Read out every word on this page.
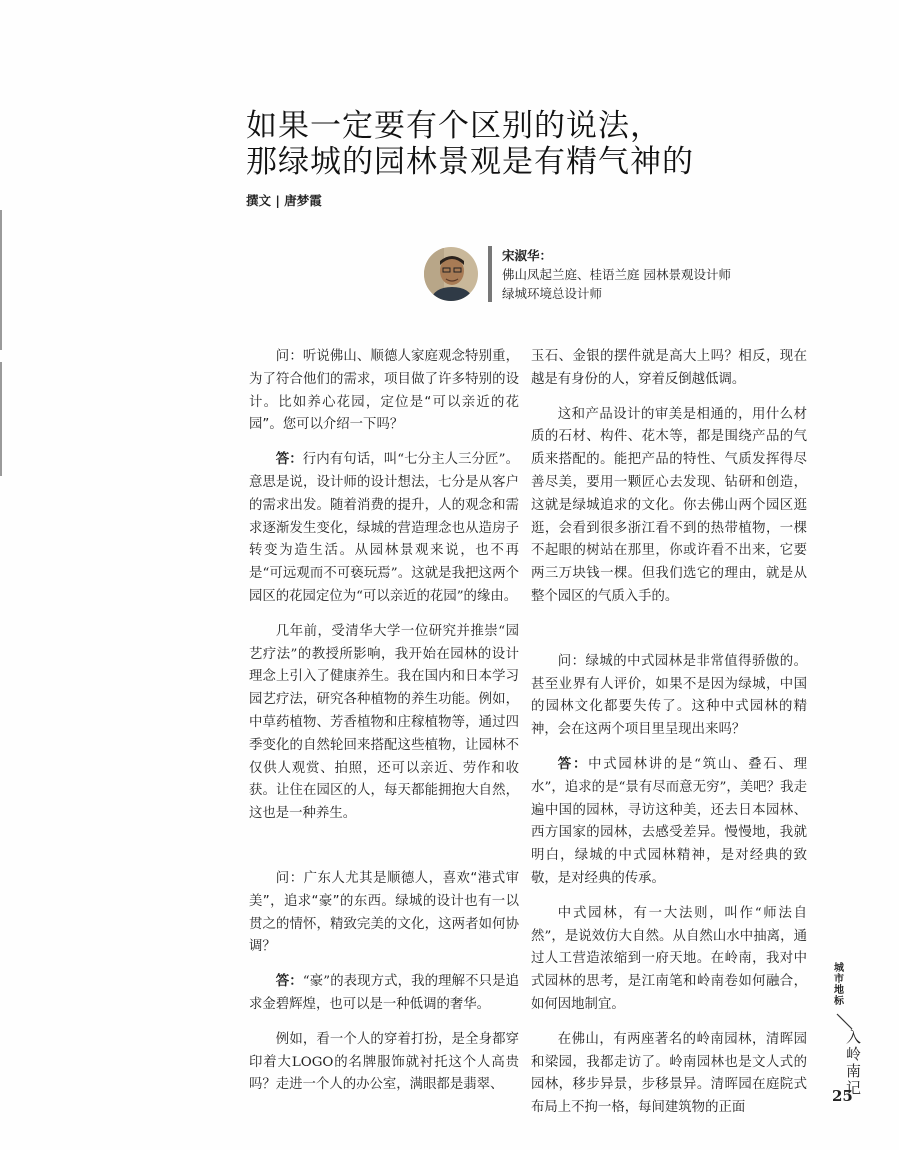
如果一定要有个区别的说法，
那绿城的园林景观是有精气神的
撰文 | 唐梦霞
宋淑华：
佛山凤起兰庭、桂语兰庭 园林景观设计师
绿城环境总设计师

问：听说佛山、顺德人家庭观念特别重，为了符合他们的需求，项目做了许多特别的设计。比如养心花园，定位是“可以亲近的花园”。您可以介绍一下吗？

答：行内有句话，叫“七分主人三分匠”。意思是说，设计师的设计想法，七分是从客户的需求出发。随着消费的提升，人的观念和需求逐渐发生变化，绿城的营造理念也从造房子转变为造生活。从园林景观来说，也不再是“可远观而不可亵玩焉”。这就是我把这两个园区的花园定位为“可以亲近的花园”的缘由。

几年前，受清华大学一位研究并推崇“园艺疗法”的教授所影响，我开始在园林的设计理念上引入了健康养生。我在国内和日本学习园艺疗法，研究各种植物的养生功能。例如，中草药植物、芳香植物和庄稼植物等，通过四季变化的自然轮回来搭配这些植物，让园林不仅供人观赏、拍照，还可以亲近、劳作和收获。让住在园区的人，每天都能拥抱大自然，这也是一种养生。

问：广东人尤其是顺德人，喜欢“港式审美”，追求“豪”的东西。绿城的设计也有一以贯之的情怀，精致完美的文化，这两者如何协调？

答：“豪”的表现方式，我的理解不只是追求金碧辉煌，也可以是一种低调的奢华。

例如，看一个人的穿着打扮，是全身都穿印着大LOGO的名牌服饰就衬托这个人高贵吗？走进一个人的办公室，满眼都是翡翠、

玉石、金银的摆件就是高大上吗？相反，现在越是有身份的人，穿着反倒越低调。

这和产品设计的审美是相通的，用什么材质的石材、构件、花木等，都是围绕产品的气质来搭配的。能把产品的特性、气质发挥得尽善尽美，要用一颗匠心去发现、钻研和创造，这就是绿城追求的文化。你去佛山两个园区逛逛，会看到很多浙江看不到的热带植物，一棵不起眼的树站在那里，你或许看不出来，它要两三万块钱一棵。但我们选它的理由，就是从整个园区的气质入手的。

问：绿城的中式园林是非常值得骄傲的。甚至业界有人评价，如果不是因为绿城，中国的园林文化都要失传了。这种中式园林的精神，会在这两个项目里呈现出来吗？

答：中式园林讲的是“筑山、叠石、理水”，追求的是“景有尽而意无穷”，美吧？我走遍中国的园林，寻访这种美，还去日本园林、西方国家的园林，去感受差异。慢慢地，我就明白，绿城的中式园林精神，是对经典的致敬，是对经典的传承。

中式园林，有一大法则，叫作“师法自然”，是说效仿大自然。从自然山水中抽离，通过人工营造浓缩到一府天地。在岭南，我对中式园林的思考，是江南笔和岭南卷如何融合，如何因地制宜。

在佛山，有两座著名的岭南园林，清晖园和梁园，我都走访了。岭南园林也是文人式的园林，移步异景，步移景异。清晖园在庭院式布局上不拘一格，每间建筑物的正面

城市地标
入岭南记
25
